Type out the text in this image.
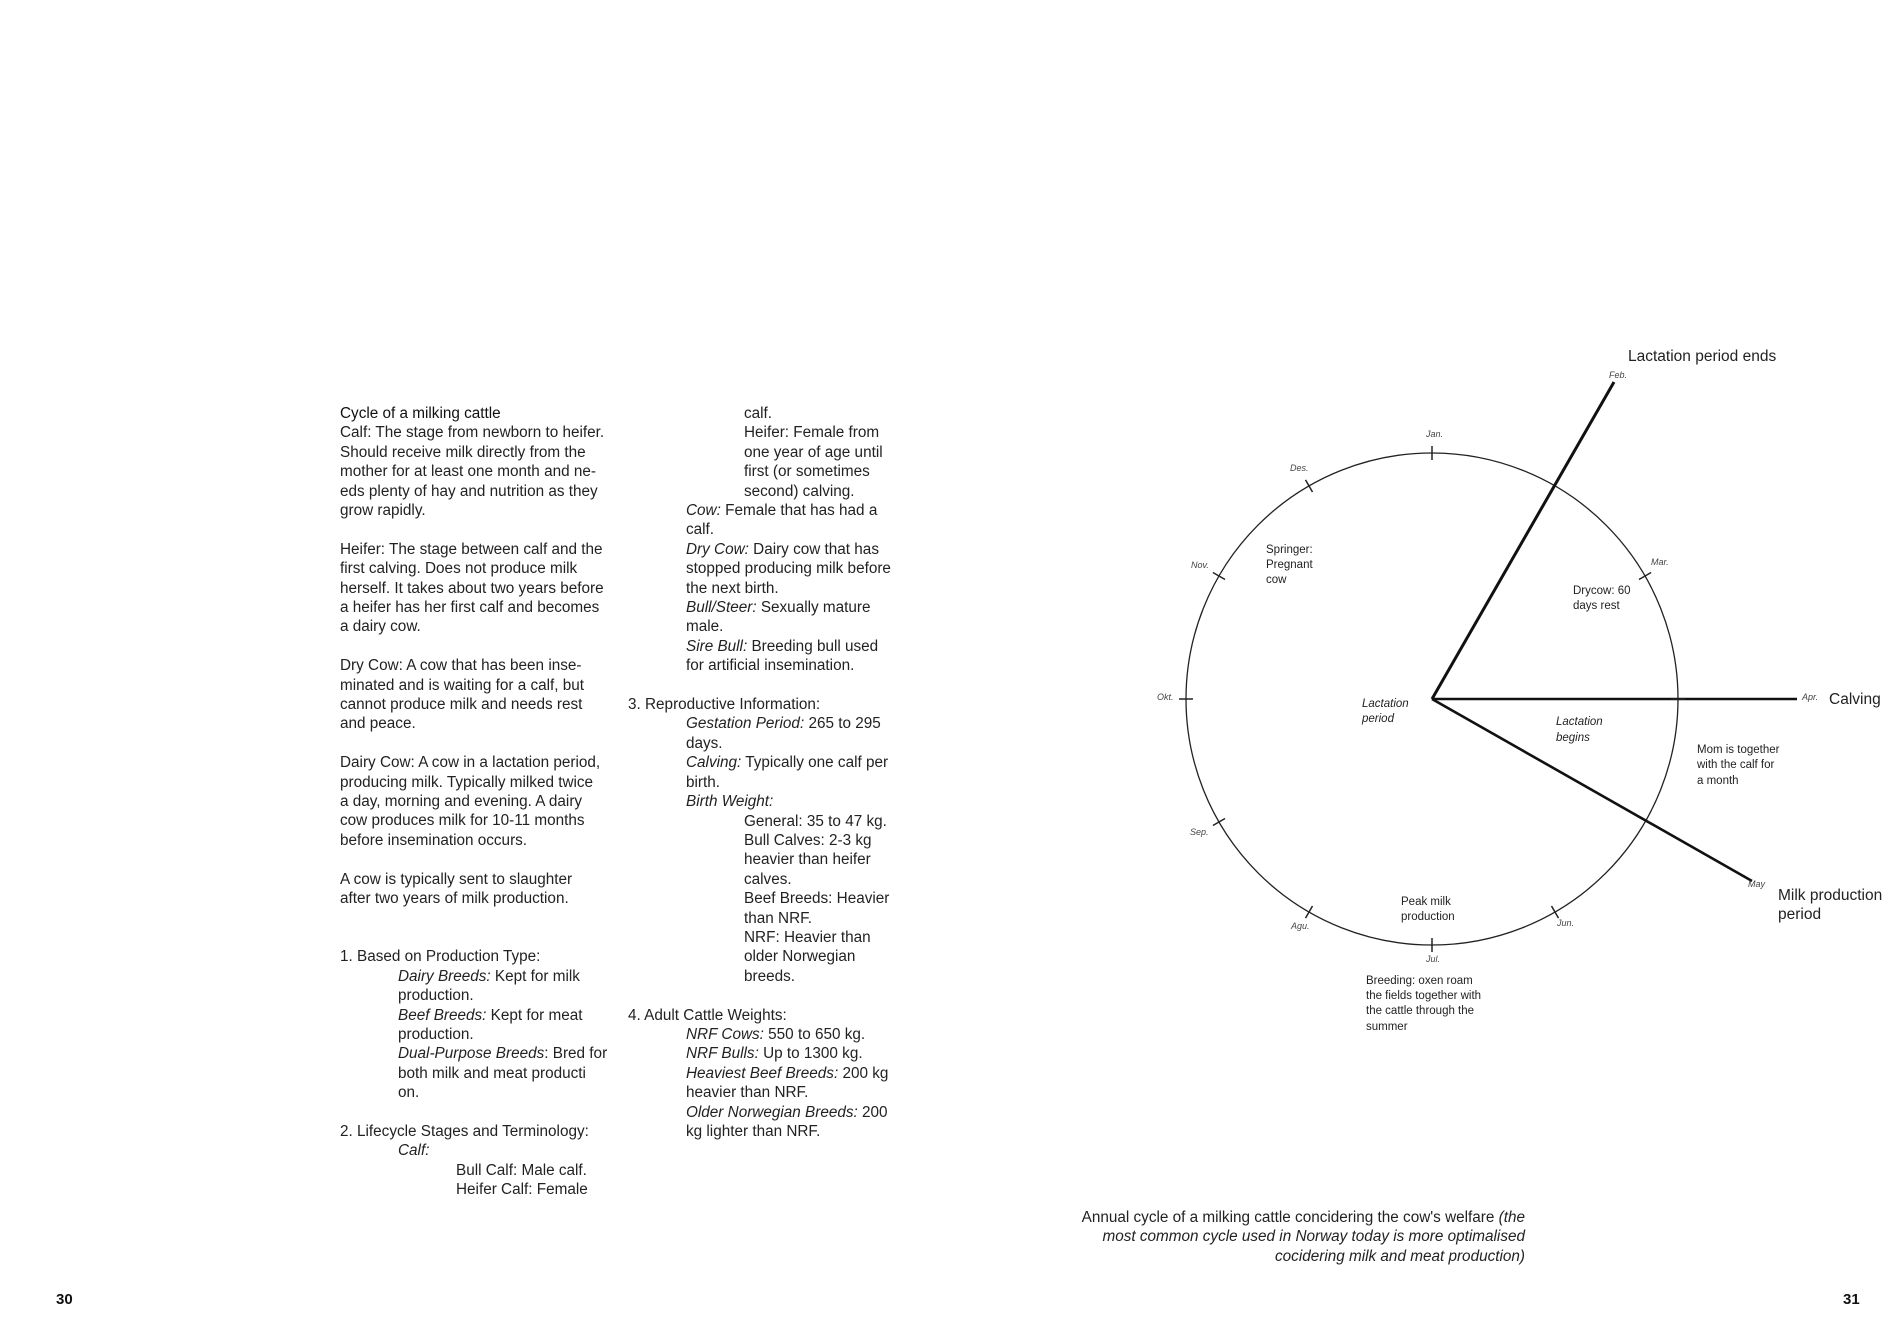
30	31
Cycle of a milking cattle
Calf: The stage from newborn to heifer.
Should receive milk directly from the
mother for at least one month and ne-
eds plenty of hay and nutrition as they
grow rapidly.
Heifer: The stage between calf and the
first calving. Does not produce milk
herself. It takes about two years before
a heifer has her first calf and becomes
a dairy cow.
Dry Cow: A cow that has been inse-
minated and is waiting for a calf, but
cannot produce milk and needs rest
and peace.
Dairy Cow: A cow in a lactation period,
producing milk. Typically milked twice
a day, morning and evening. A dairy
cow produces milk for 10-11 months
before insemination occurs.
A cow is typically sent to slaughter
after two years of milk production.
1. Based on Production Type:
Dairy Breeds: Kept for milk
production.
Beef Breeds: Kept for meat
production.
Dual-Purpose Breeds: Bred for
both milk and meat producti
on.
2. Lifecycle Stages and Terminology:
Calf:
Bull Calf: Male calf.
Heifer Calf: Female
calf.
Heifer: Female from
one year of age until
first (or sometimes
second) calving.
Cow: Female that has had a
calf.
Dry Cow: Dairy cow that has
stopped producing milk before
the next birth.
Bull/Steer: Sexually mature
male.
Sire Bull: Breeding bull used
for artificial insemination.
3. Reproductive Information:
Gestation Period: 265 to 295
days.
Calving: Typically one calf per
birth.
Birth Weight:
General: 35 to 47 kg.
Bull Calves: 2-3 kg
heavier than heifer
calves.
Beef Breeds: Heavier
than NRF.
NRF: Heavier than
older Norwegian
breeds.
4. Adult Cattle Weights:
NRF Cows: 550 to 650 kg.
NRF Bulls: Up to 1300 kg.
Heaviest Beef Breeds: 200 kg
heavier than NRF.
Older Norwegian Breeds: 200
kg lighter than NRF.
Jan.
Feb.
Mar.
Apr.
May
Jun.
Jul.
Agu.
Sep.
Okt.
Nov.
Des.
Lactation period ends
Calving
Milk production
period
Springer:
Pregnant
cow
Drycow: 60
days rest
Peak milk
production
Mom is together
with the calf for
a month
Breeding: oxen roam
the fields together with
the cattle through the
summer
Lactation
period	Lactation
begins
Annual cycle of a milking cattle concidering the cow's welfare (the
most common cycle used in Norway today is more optimalised
cocidering milk and meat production)
